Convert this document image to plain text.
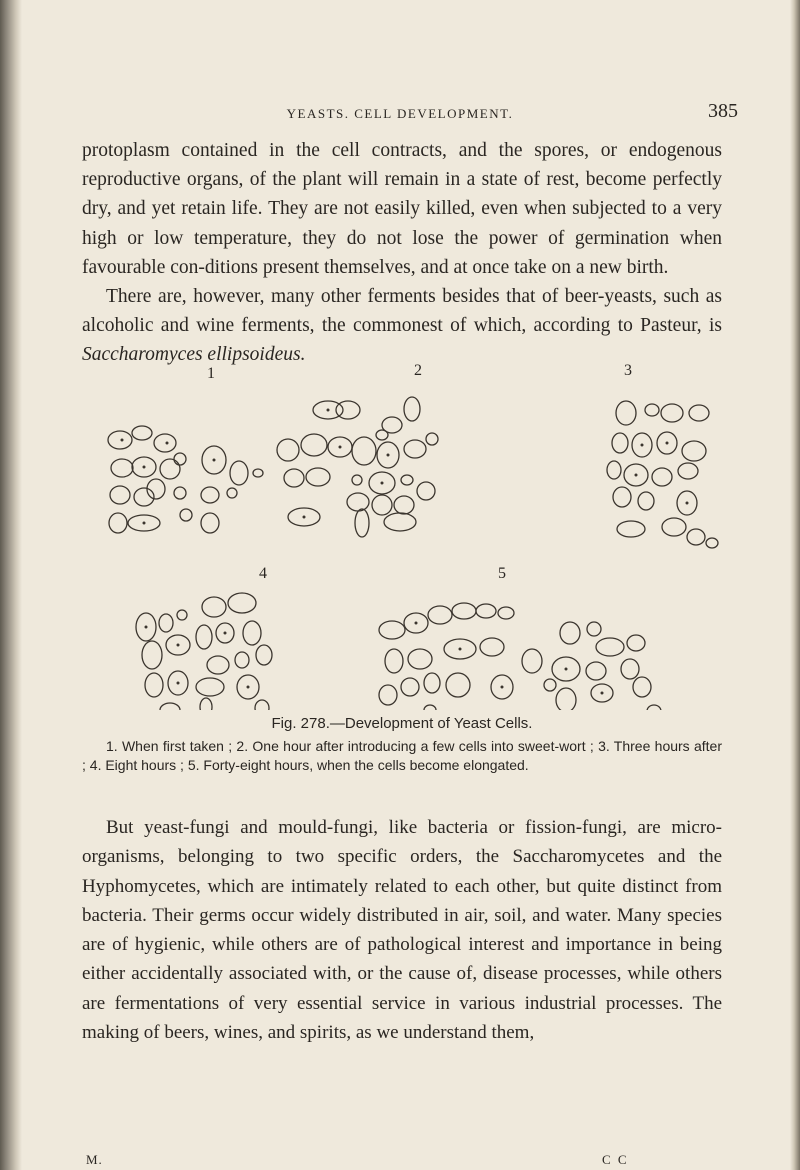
YEASTS. CELL DEVELOPMENT.	385

protoplasm contained in the cell contracts, and the spores, or endogenous reproductive organs, of the plant will remain in a state of rest, become perfectly dry, and yet retain life. They are not easily killed, even when subjected to a very high or low temperature, they do not lose the power of germination when favourable con-ditions present themselves, and at once take on a new birth.

There are, however, many other ferments besides that of beer-yeasts, such as alcoholic and wine ferments, the commonest of which, according to Pasteur, is Saccharomyces ellipsoideus.

1	2	3
4	5
Fig. 278.—Development of Yeast Cells.

1. When first taken ; 2. One hour after introducing a few cells into sweet-wort ; 3. Three hours after ; 4. Eight hours ; 5. Forty-eight hours, when the cells become elongated.

But yeast-fungi and mould-fungi, like bacteria or fission-fungi, are micro-organisms, belonging to two specific orders, the Saccharomycetes and the Hyphomycetes, which are intimately related to each other, but quite distinct from bacteria. Their germs occur widely distributed in air, soil, and water. Many species are of hygienic, while others are of pathological interest and importance in being either accidentally associated with, or the cause of, disease processes, while others are fermentations of very essential service in various industrial processes. The making of beers, wines, and spirits, as we understand them,

M.	C C
